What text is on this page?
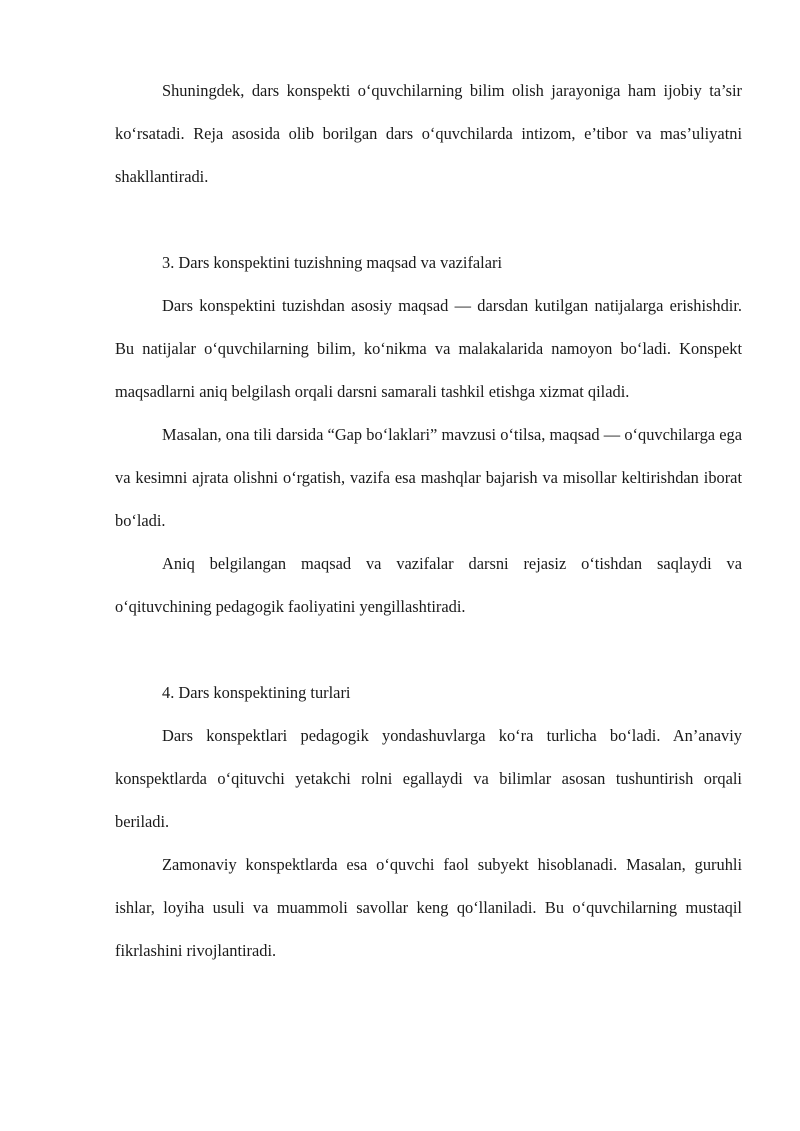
Shuningdek, dars konspekti o‘quvchilarning bilim olish jarayoniga ham ijobiy ta’sir ko‘rsatadi. Reja asosida olib borilgan dars o‘quvchilarda intizom, e’tibor va mas’uliyatni shakllantiradi.

3. Dars konspektini tuzishning maqsad va vazifalari

Dars konspektini tuzishdan asosiy maqsad — darsdan kutilgan natijalarga erishishdir. Bu natijalar o‘quvchilarning bilim, ko‘nikma va malakalarida namoyon bo‘ladi. Konspekt maqsadlarni aniq belgilash orqali darsni samarali tashkil etishga xizmat qiladi.

Masalan, ona tili darsida “Gap bo‘laklari” mavzusi o‘tilsa, maqsad — o‘quvchilarga ega va kesimni ajrata olishni o‘rgatish, vazifa esa mashqlar bajarish va misollar keltirishdan iborat bo‘ladi.

Aniq belgilangan maqsad va vazifalar darsni rejasiz o‘tishdan saqlaydi va o‘qituvchining pedagogik faoliyatini yengillashtiradi.

4. Dars konspektining turlari

Dars konspektlari pedagogik yondashuvlarga ko‘ra turlicha bo‘ladi. An’anaviy konspektlarda o‘qituvchi yetakchi rolni egallaydi va bilimlar asosan tushuntirish orqali beriladi.

Zamonaviy konspektlarda esa o‘quvchi faol subyekt hisoblanadi. Masalan, guruhli ishlar, loyiha usuli va muammoli savollar keng qo‘llaniladi. Bu o‘quvchilarning mustaqil fikrlashini rivojlantiradi.
